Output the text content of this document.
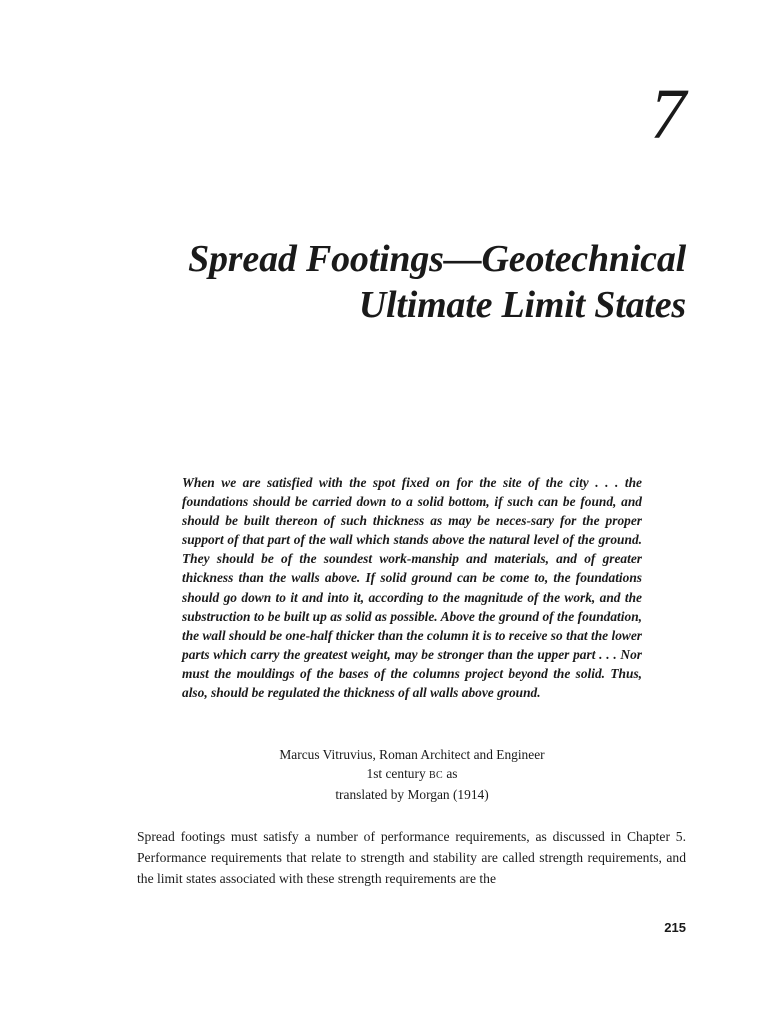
7
Spread Footings—Geotechnical
Ultimate Limit States

When we are satisfied with the spot fixed on for the site of the city . . . the foundations should be carried down to a solid bottom, if such can be found, and should be built thereon of such thickness as may be neces-sary for the proper support of that part of the wall which stands above the natural level of the ground. They should be of the soundest work-manship and materials, and of greater thickness than the walls above. If solid ground can be come to, the foundations should go down to it and into it, according to the magnitude of the work, and the substruction to be built up as solid as possible. Above the ground of the foundation, the wall should be one-half thicker than the column it is to receive so that the lower parts which carry the greatest weight, may be stronger than the upper part . . . Nor must the mouldings of the bases of the columns project beyond the solid. Thus, also, should be regulated the thickness of all walls above ground.

Marcus Vitruvius, Roman Architect and Engineer
1st century BC as
translated by Morgan (1914)

Spread footings must satisfy a number of performance requirements, as discussed in Chapter 5. Performance requirements that relate to strength and stability are called strength requirements, and the limit states associated with these strength requirements are the

215
